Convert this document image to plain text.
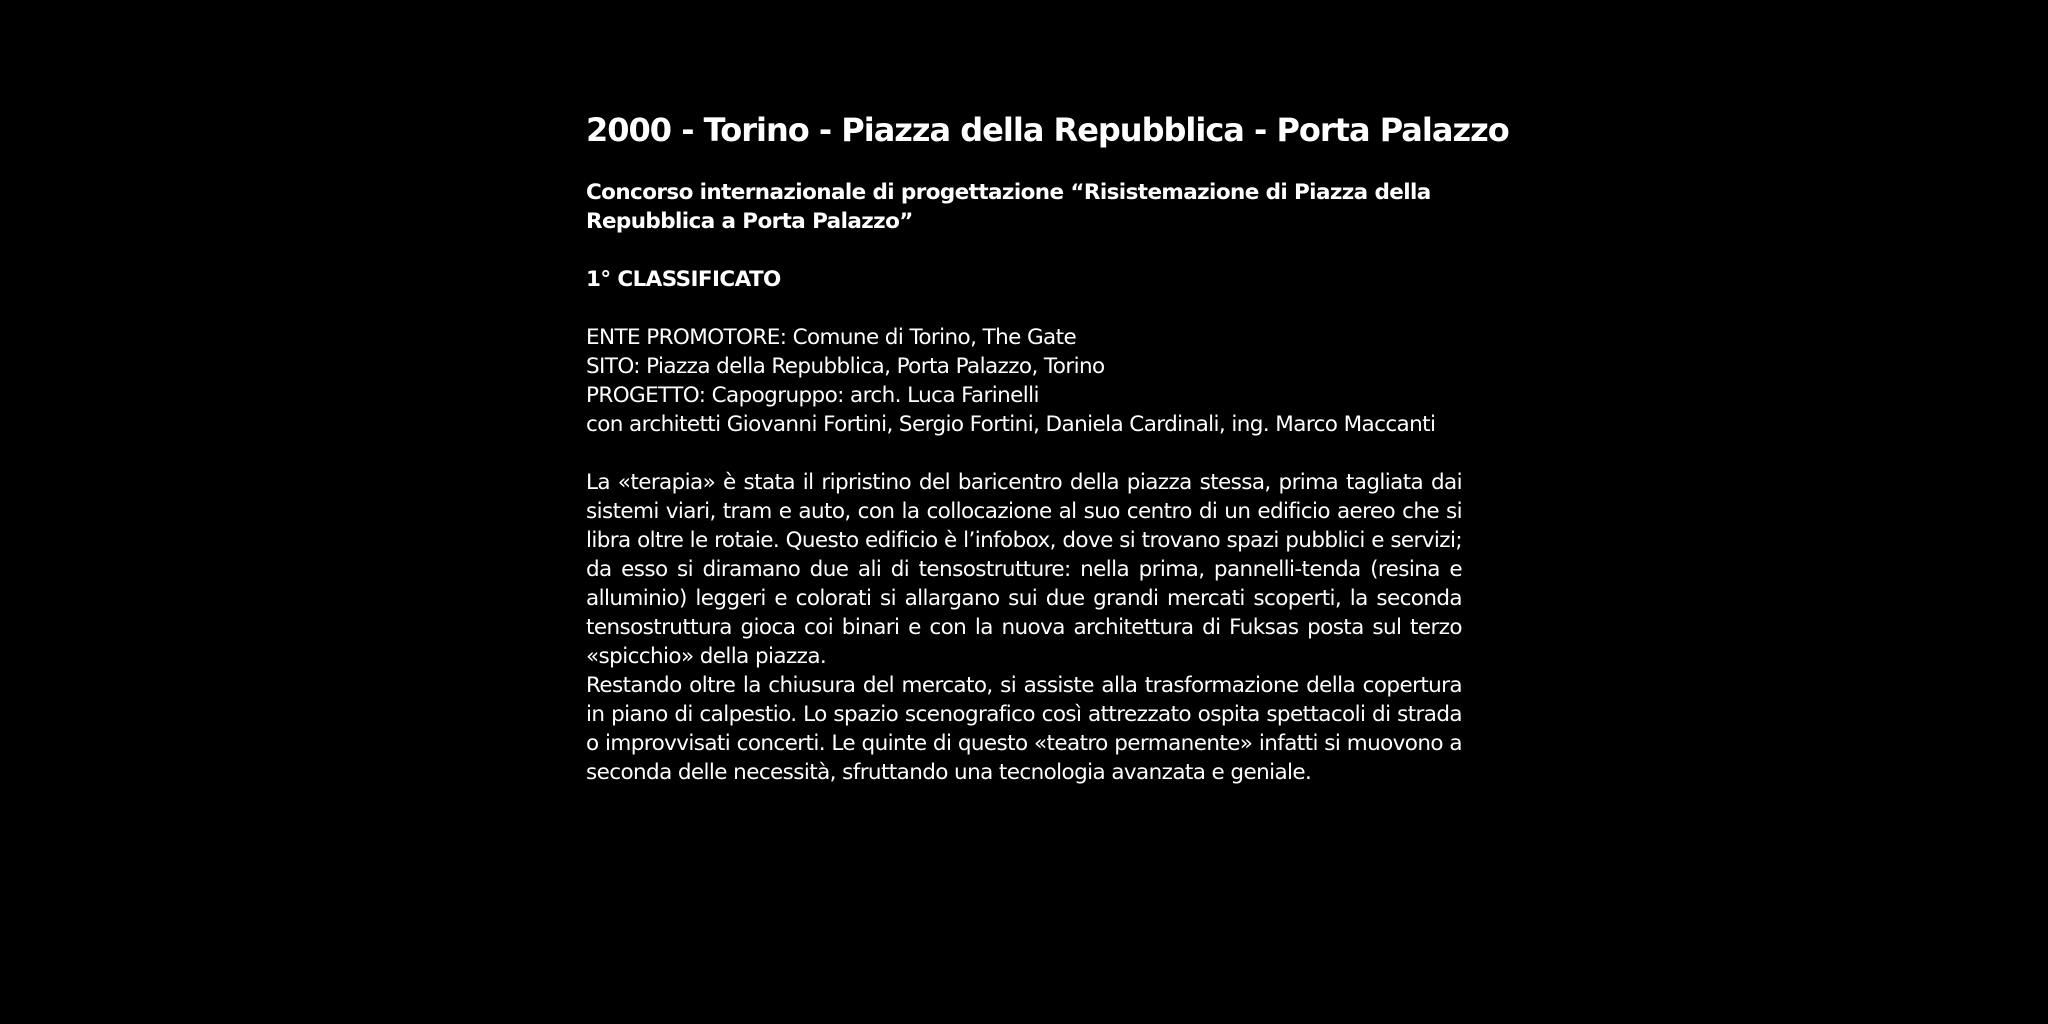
2000 - Torino - Piazza della Repubblica - Porta Palazzo

Concorso internazionale di progettazione “Risistemazione di Piazza della Repubblica a Porta Palazzo”

1° CLASSIFICATO

ENTE PROMOTORE: Comune di Torino, The Gate
SITO: Piazza della Repubblica, Porta Palazzo, Torino
PROGETTO: Capogruppo: arch. Luca Farinelli
con architetti Giovanni Fortini, Sergio Fortini, Daniela Cardinali, ing. Marco Maccanti

La «terapia» è stata il ripristino del baricentro della piazza stessa, prima tagliata dai sistemi viari, tram e auto, con la collocazione al suo centro di un edificio aereo che si libra oltre le rotaie. Questo edificio è l’infobox, dove si trovano spazi pubblici e servizi; da esso si diramano due ali di tensostrutture: nella prima, pannelli-tenda (resina e alluminio) leggeri e colorati si allargano sui due grandi mercati scoperti, la seconda tensostruttura gioca coi binari e con la nuova architettura di Fuksas posta sul terzo «spicchio» della piazza.

Restando oltre la chiusura del mercato, si assiste alla trasformazione della copertura in piano di calpestio. Lo spazio scenografico così attrezzato ospita spettacoli di strada o improvvisati concerti. Le quinte di questo «teatro permanente» infatti si muovono a seconda delle necessità, sfruttando una tecnologia avanzata e geniale.
